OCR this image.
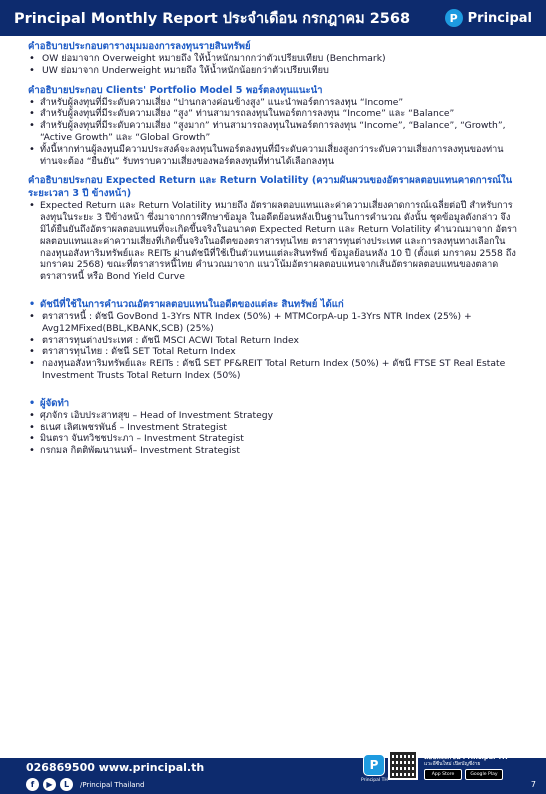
Principal Monthly Report ประจำเดือน กรกฎาคม 2568	P Principal
คำอธิบายประกอบตารางมุมมองการลงทุนรายสินทรัพย์
• OW ย่อมาจาก Overweight หมายถึง ให้น้ำหนักมากกว่าตัวเปรียบเทียบ (Benchmark)
• UW ย่อมาจาก Underweight หมายถึง ให้น้ำหนักน้อยกว่าตัวเปรียบเทียบ
คำอธิบายประกอบ Clients' Portfolio Model 5 พอร์ตลงทุนแนะนำ
• สำหรับผู้ลงทุนที่มีระดับความเสี่ยง “ปานกลางค่อนข้างสูง” แนะนำพอร์ตการลงทุน “Income”
• สำหรับผู้ลงทุนที่มีระดับความเสี่ยง “สูง” ท่านสามารถลงทุนในพอร์ตการลงทุน “Income” และ “Balance”
• สำหรับผู้ลงทุนที่มีระดับความเสี่ยง “สูงมาก” ท่านสามารถลงทุนในพอร์ตการลงทุน “Income”, “Balance”, “Growth”, “Active Growth” และ “Global Growth”
• ทั้งนี้หากท่านผู้ลงทุนมีความประสงค์จะลงทุนในพอร์ตลงทุนที่มีระดับความเสี่ยงสูงกว่าระดับความเสี่ยงการลงทุนของท่าน ท่านจะต้อง “ยืนยัน” รับทราบความเสี่ยงของพอร์ตลงทุนที่ท่านได้เลือกลงทุน
คำอธิบายประกอบ Expected Return และ Return Volatility (ความผันผวนของอัตราผลตอบแทนคาดการณ์ในระยะเวลา 3 ปี ข้างหน้า)
• Expected Return และ Return Volatility หมายถึง อัตราผลตอบแทนและค่าความเสี่ยงคาดการณ์เฉลี่ยต่อปี สำหรับการลงทุนในระยะ 3 ปีข้างหน้า ซึ่งมาจากการศึกษาข้อมูล ในอดีตย้อนหลังเป็นฐานในการคำนวณ ดังนั้น ชุดข้อมูลดังกล่าว จึงมิได้ยืนยันถึงอัตราผลตอบแทนที่จะเกิดขึ้นจริงในอนาคต Expected Return และ Return Volatility คำนวณมาจาก อัตราผลตอบแทนและค่าความเสี่ยงที่เกิดขึ้นจริงในอดีตของตราสารทุนไทย ตราสารทุนต่างประเทศ และการลงทุนทางเลือกในกองทุนอสังหาริมทรัพย์และ REITs ผ่านดัชนีที่ใช้เป็นตัวแทนแต่ละสินทรัพย์ ข้อมูลย้อนหลัง 10 ปี (ตั้งแต่ มกราคม 2558 ถึง มกราคม 2568) ขณะที่ตราสารหนี้ไทย คำนวณมาจาก แนวโน้มอัตราผลตอบแทนจากเส้นอัตราผลตอบแทนของตลาดตราสารหนี้ หรือ Bond Yield Curve
• ดัชนีที่ใช้ในการคำนวณอัตราผลตอบแทนในอดีตของแต่ละ สินทรัพย์ ได้แก่
• ตราสารหนี้ : ดัชนี GovBond 1-3Yrs NTR Index (50%) + MTMCorpA-up 1-3Yrs NTR Index (25%) + Avg12MFixed(BBL,KBANK,SCB) (25%)
• ตราสารทุนต่างประเทศ : ดัชนี MSCI ACWI Total Return Index
• ตราสารทุนไทย : ดัชนี SET Total Return Index
• กองทุนอสังหาริมทรัพย์และ REITs : ดัชนี SET PF&REIT Total Return Index (50%) + ดัชนี FTSE ST Real Estate Investment Trusts Total Return Index (50%)
• ผู้จัดทำ
• ศุภจักร เอิบประสาทสุข – Head of Investment Strategy
• ธเนศ เลิศเพชรพันธ์ – Investment Strategist
• มินตรา จันทวิชชประภา – Investment Strategist
• กรกมล กิตติพัฒนานนท์– Investment Strategist
026869500 www.principal.th
f	▶	L	/Principal Thailand
P
Principal TH
แอปพลิเคชัน Principal TH
แวะอีซีนใหม่ เปิดบัญชีง่าย
App Store	Google Play
7
